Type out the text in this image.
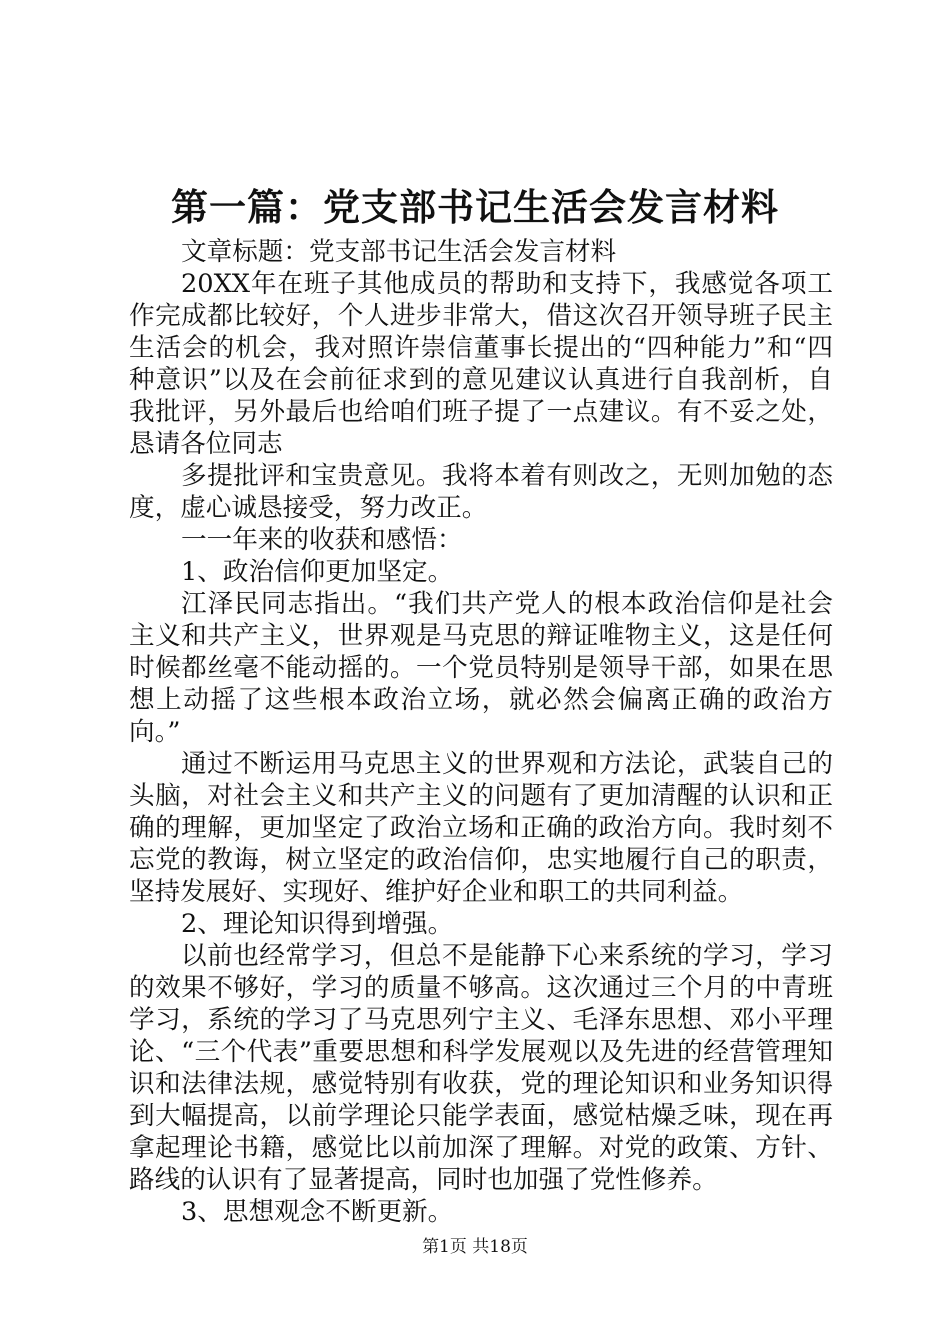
第一篇：党支部书记生活会发言材料

文章标题：党支部书记生活会发言材料

20XX年在班子其他成员的帮助和支持下，我感觉各项工作完成都比较好，个人进步非常大，借这次召开领导班子民主生活会的机会，我对照许崇信董事长提出的“四种能力”和“四种意识”以及在会前征求到的意见建议认真进行自我剖析，自我批评，另外最后也给咱们班子提了一点建议。有不妥之处，恳请各位同志

多提批评和宝贵意见。我将本着有则改之，无则加勉的态度，虚心诚恳接受，努力改正。

一一年来的收获和感悟：

1、政治信仰更加坚定。

江泽民同志指出。“我们共产党人的根本政治信仰是社会主义和共产主义，世界观是马克思的辩证唯物主义，这是任何时候都丝毫不能动摇的。一个党员特别是领导干部，如果在思想上动摇了这些根本政治立场，就必然会偏离正确的政治方向。”

通过不断运用马克思主义的世界观和方法论，武装自己的头脑，对社会主义和共产主义的问题有了更加清醒的认识和正确的理解，更加坚定了政治立场和正确的政治方向。我时刻不忘党的教诲，树立坚定的政治信仰，忠实地履行自己的职责，坚持发展好、实现好、维护好企业和职工的共同利益。

2、理论知识得到增强。

以前也经常学习，但总不是能静下心来系统的学习，学习的效果不够好，学习的质量不够高。这次通过三个月的中青班学习，系统的学习了马克思列宁主义、毛泽东思想、邓小平理论、“三个代表”重要思想和科学发展观以及先进的经营管理知识和法律法规，感觉特别有收获，党的理论知识和业务知识得到大幅提高，以前学理论只能学表面，感觉枯燥乏味，现在再拿起理论书籍，感觉比以前加深了理解。对党的政策、方针、路线的认识有了显著提高，同时也加强了党性修养。

3、思想观念不断更新。

第1页 共18页
